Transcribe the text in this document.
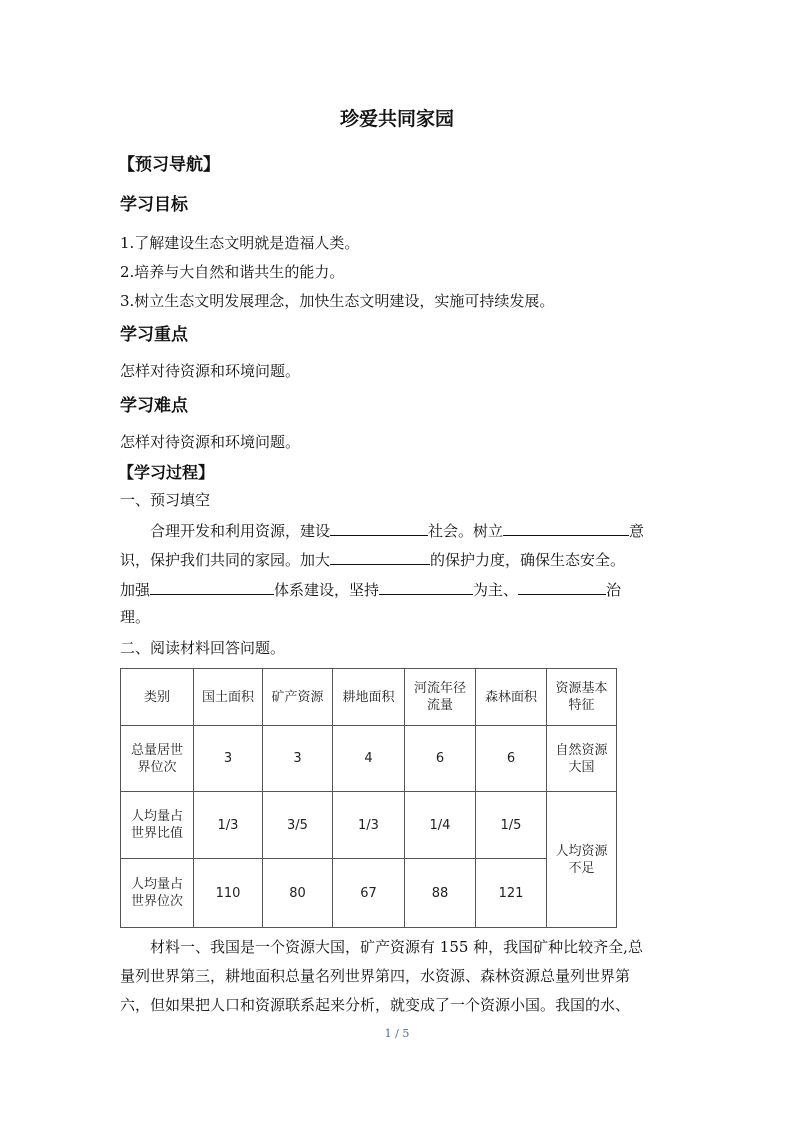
珍爱共同家园
【预习导航】
学习目标
1.了解建设生态文明就是造福人类。
2.培养与大自然和谐共生的能力。
3.树立生态文明发展理念，加快生态文明建设，实施可持续发展。
学习重点
怎样对待资源和环境问题。
学习难点
怎样对待资源和环境问题。
【学习过程】
一、预习填空
合理开发和利用资源，建设	社会。树立	意
识，保护我们共同的家园。加大	的保护力度，确保生态安全。
加强	体系建设，坚持	为主、	治
理。
二、阅读材料回答问题。
类别	国土面积	矿产资源	耕地面积	河流年径流量	森林面积	资源基本特征

总量居世界位次	3	3	4	6	6	自然资源大国

人均量占世界比值	1/3	3/5	1/3	1/4	1/5	人均资源不足

人均量占世界位次	110	80	67	88	121	
材料一、我国是一个资源大国，矿产资源有 155 种，我国矿种比较齐全,总
量列世界第三，耕地面积总量名列世界第四，水资源、森林资源总量列世界第
六，但如果把人口和资源联系起来分析，就变成了一个资源小国。我国的水、
1 / 5
